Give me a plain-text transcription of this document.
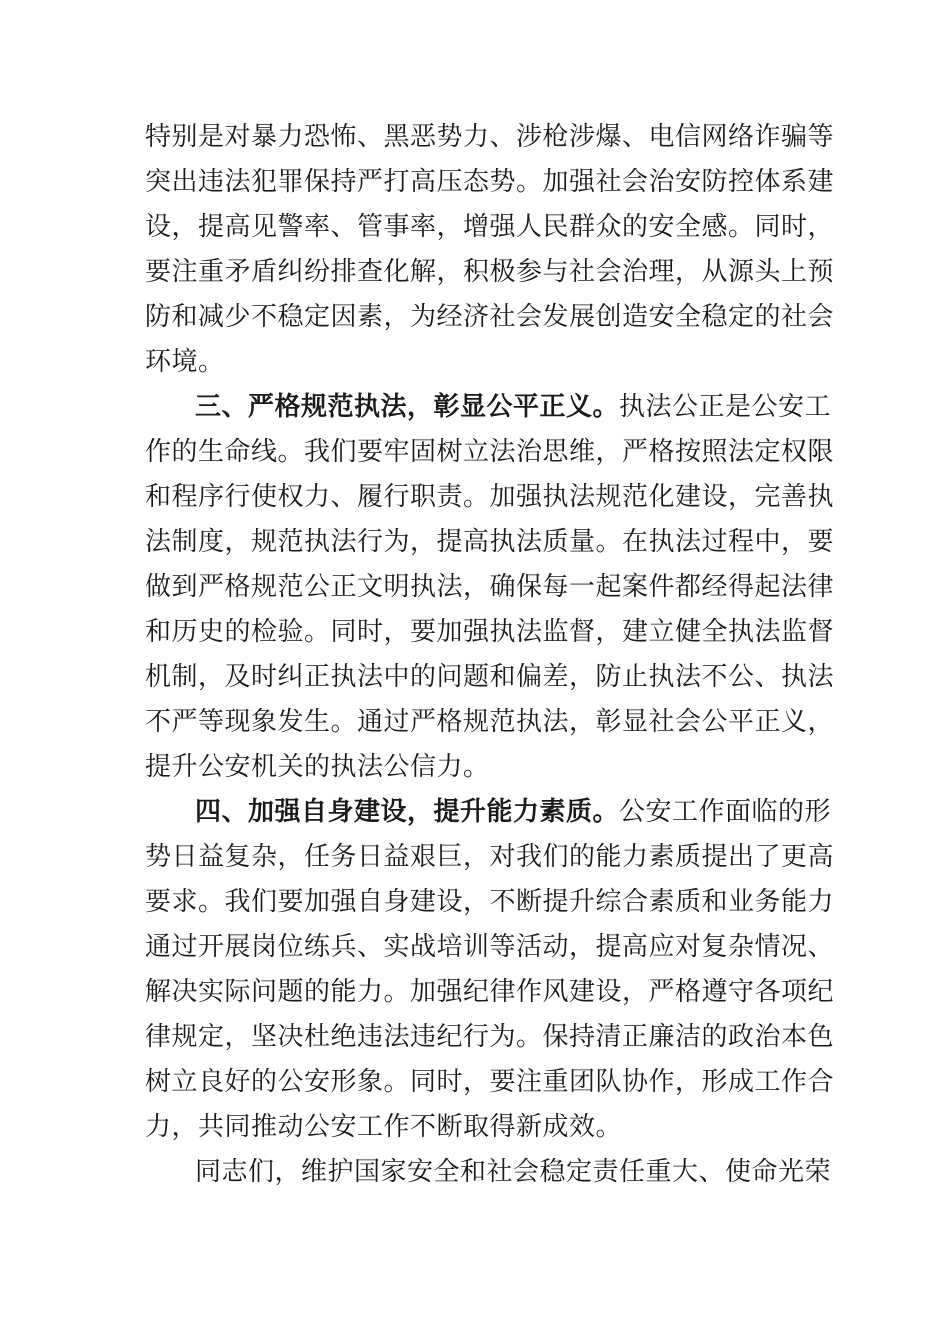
特别是对暴力恐怖、黑恶势力、涉枪涉爆、电信网络诈骗等
突出违法犯罪保持严打高压态势。加强社会治安防控体系建
设，提高见警率、管事率，增强人民群众的安全感。同时，
要注重矛盾纠纷排查化解，积极参与社会治理，从源头上预
防和减少不稳定因素，为经济社会发展创造安全稳定的社会
环境。
三、严格规范执法，彰显公平正义。执法公正是公安工
作的生命线。我们要牢固树立法治思维，严格按照法定权限
和程序行使权力、履行职责。加强执法规范化建设，完善执
法制度，规范执法行为，提高执法质量。在执法过程中，要
做到严格规范公正文明执法，确保每一起案件都经得起法律
和历史的检验。同时，要加强执法监督，建立健全执法监督
机制，及时纠正执法中的问题和偏差，防止执法不公、执法
不严等现象发生。通过严格规范执法，彰显社会公平正义，
提升公安机关的执法公信力。
四、加强自身建设，提升能力素质。公安工作面临的形
势日益复杂，任务日益艰巨，对我们的能力素质提出了更高
要求。我们要加强自身建设，不断提升综合素质和业务能力
通过开展岗位练兵、实战培训等活动，提高应对复杂情况、
解决实际问题的能力。加强纪律作风建设，严格遵守各项纪
律规定，坚决杜绝违法违纪行为。保持清正廉洁的政治本色
树立良好的公安形象。同时，要注重团队协作，形成工作合
力，共同推动公安工作不断取得新成效。
同志们，维护国家安全和社会稳定责任重大、使命光荣
